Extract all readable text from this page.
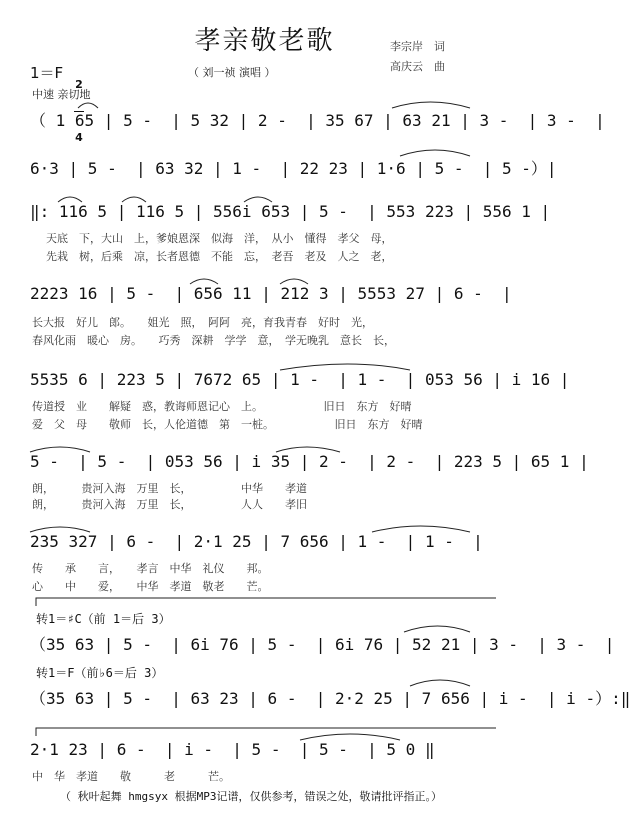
孝亲敬老歌	李宗岸　词
高庆云　曲
1＝F

2

4

（ 刘一祯 演唱 ）
中速 亲切地
（ 1 65 | 5 -  | 5 32 | 2 -  | 35 67 | 63 21 | 3 -  | 3 -  |
6·3 | 5 -  | 63 32 | 1 -  | 22 23 | 1·6 | 5 -  | 5 -）|
‖: 116 5 | 116 5 | 556i 653 | 5 -  | 553 223 | 556 1 |
天底　下，大山　上，爹娘恩深　似海　洋，　从小　懂得　孝父　母，
先栽　树，后乘　凉，长者恩德　不能　忘，　老吾　老及　人之　老，
2223 16 | 5 -  | 656 11 | 212 3 | 5553 27 | 6 -  |
长大报　好儿　郎。　　姐光　照，　阿阿　亮，育我青春　好时　光，
春风化雨　暖心　房。　　巧秀　深耕　学学　意，　学无晚乳　意长　长，
5535 6 | 223 5 | 7672 65 | 1 -  | 1 -  | 053 56 | i 16 |
传道授　业　　解疑　惑，教诲师恩记心　上。　　　　　　旧日　东方　好晴
爱　父　母　　敬师　长，人伦道德　第　一桩。　　　　　　旧日　东方　好晴
5 -  | 5 -  | 053 56 | i 35 | 2 -  | 2 -  | 223 5 | 65 1 |
朗，　　　贵河入海　万里　长，　　　　　中华　　孝道
朗，　　　贵河入海　万里　长，　　　　　人人　　孝旧
235 327 | 6 -  | 2·1 25 | 7 656 | 1 -  | 1 -  |
传　　承　　言，　　孝言　中华　礼仪　　邦。
心　　中　　爱，　　中华　孝道　敬老　　芒。
转1＝♯C（前 1＝后 3）
（35 63 | 5 -  | 6i 76 | 5 -  | 6i 76 | 52 21 | 3 -  | 3 -  |
转1＝F（前♭6＝后 3）
（35 63 | 5 -  | 63 23 | 6 -  | 2·2 25 | 7 656 | i -  | i -）:‖
2·1 23 | 6 -  | i -  | 5 -  | 5 -  | 5 0 ‖
中　华　孝道　　敬　　　老　　　芒。
（ 秋叶起舞 hmgsyx 根据MP3记谱，仅供参考，错误之处，敬请批评指正。）
